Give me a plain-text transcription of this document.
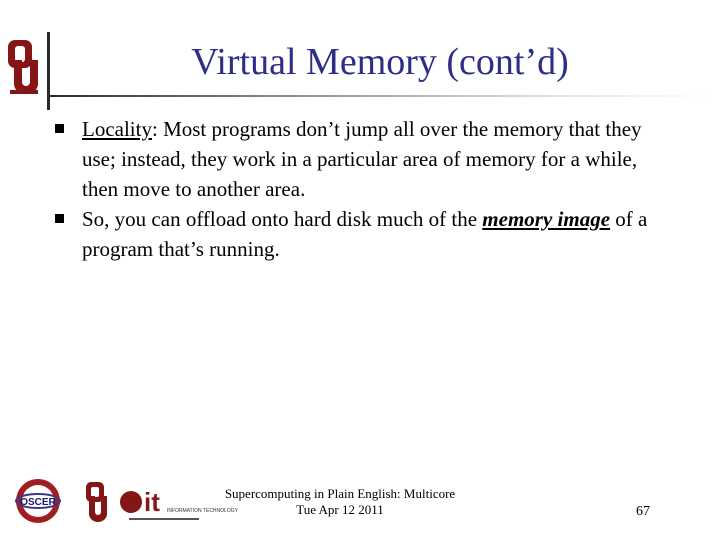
Virtual Memory (cont’d)
Locality: Most programs don’t jump all over the memory that they use; instead, they work in a particular area of memory for a while, then move to another area.
So, you can offload onto hard disk much of the memory image of a program that’s running.
OSCER	it INFORMATION TECHNOLOGY
Supercomputing in Plain English: Multicore
Tue Apr 12 2011	67
